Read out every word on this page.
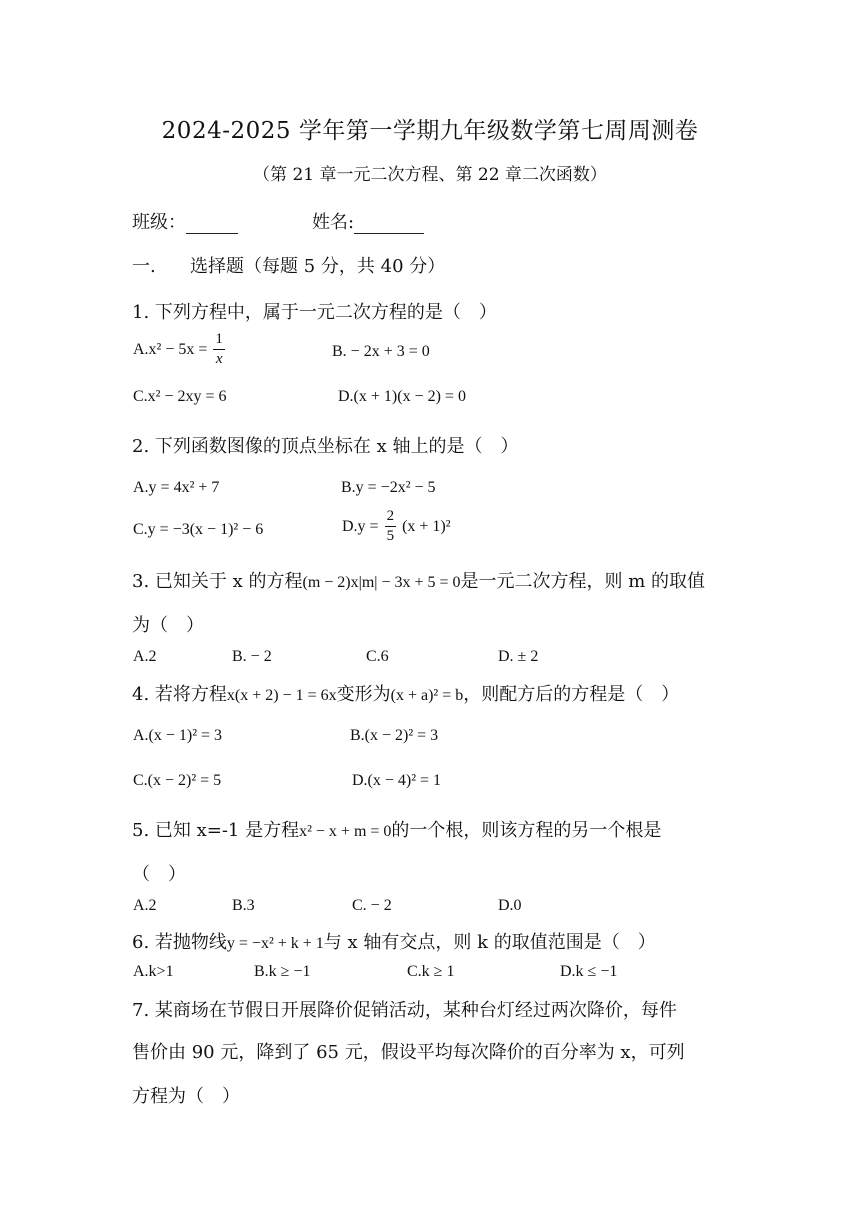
2024-2025 学年第一学期九年级数学第七周周测卷
（第 21 章一元二次方程、第 22 章二次函数）
班级：	姓名:
一. 选择题（每题 5 分，共 40 分）
1. 下列方程中，属于一元二次方程的是（　）
$A.x^2 - 5x = \frac{1}{x}$	B. − 2x + 3 = 0
C.x² − 2xy = 6	D.(x + 1)(x − 2) = 0
2. 下列函数图像的顶点坐标在 x 轴上的是（　）
A.y = 4x² + 7	B.y = −2x² − 5
C.y = −3(x − 1)² − 6	$D.y = \frac{2}{5} (x + 1)^2$
3. 已知关于 x 的方程(m − 2)x|m| − 3x + 5 = 0是一元二次方程，则 m 的取值
为（　）
A.2	B. − 2	C.6	D. ± 2
4. 若将方程x(x + 2) − 1 = 6x变形为(x + a)² = b，则配方后的方程是（　）
A.(x − 1)² = 3	B.(x − 2)² = 3
C.(x − 2)² = 5	D.(x − 4)² = 1
5. 已知 x=-1 是方程x² − x + m = 0的一个根，则该方程的另一个根是
（　）
A.2	B.3	C. − 2	D.0
6. 若抛物线y = −x² + k + 1与 x 轴有交点，则 k 的取值范围是（　）
A.k>1	B.k ≥ −1	C.k ≥ 1	D.k ≤ −1
7. 某商场在节假日开展降价促销活动，某种台灯经过两次降价，每件
售价由 90 元，降到了 65 元，假设平均每次降价的百分率为 x，可列
方程为（　）
